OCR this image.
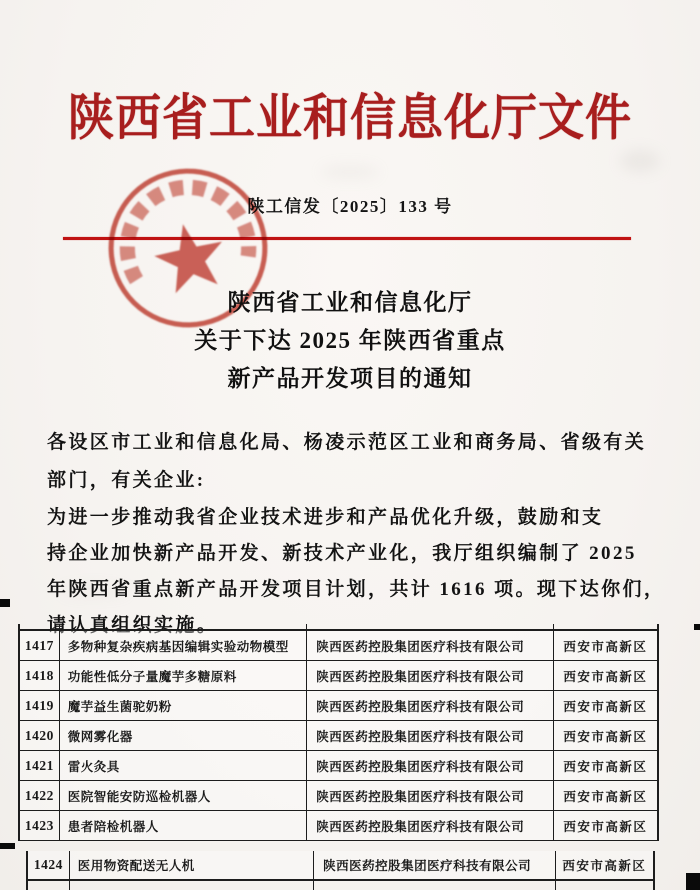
陕西省工业和信息化厅文件
陕工信发〔2025〕133 号
陕西省工业和信息化厅
关于下达 2025 年陕西省重点
新产品开发项目的通知
各设区市工业和信息化局、杨凌示范区工业和商务局、省级有关
部门，有关企业:
为进一步推动我省企业技术进步和产品优化升级，鼓励和支
持企业加快新产品开发、新技术产业化，我厅组织编制了 2025
年陕西省重点新产品开发项目计划，共计 1616 项。现下达你们，
请认真组织实施。
1417	多物种复杂疾病基因编辑实验动物模型	陕西医药控股集团医疗科技有限公司	西安市高新区
1418	功能性低分子量魔芋多糖原料	陕西医药控股集团医疗科技有限公司	西安市高新区
1419	魔芋益生菌驼奶粉	陕西医药控股集团医疗科技有限公司	西安市高新区
1420	微网雾化器	陕西医药控股集团医疗科技有限公司	西安市高新区
1421	雷火灸具	陕西医药控股集团医疗科技有限公司	西安市高新区
1422	医院智能安防巡检机器人	陕西医药控股集团医疗科技有限公司	西安市高新区
1423	患者陪检机器人	陕西医药控股集团医疗科技有限公司	西安市高新区
1424	医用物资配送无人机	陕西医药控股集团医疗科技有限公司	西安市高新区
